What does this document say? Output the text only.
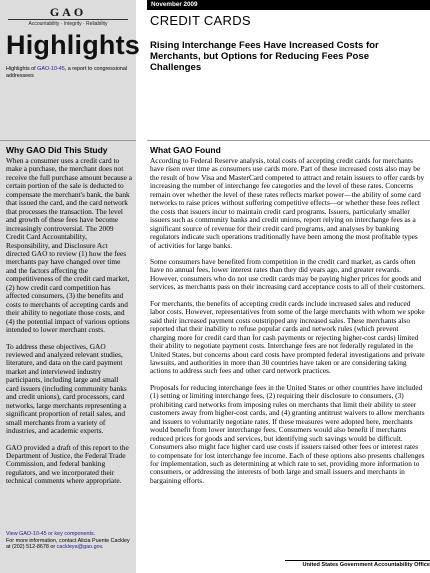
GAO
Accountability · Integrity · Reliability
Highlights
Highlights of GAO-10-45, a report to congressional addressees
Why GAO Did This Study

When a consumer uses a credit card to make a purchase, the merchant does not receive the full purchase amount because a certain portion of the sale is deducted to compensate the merchant's bank, the bank that issued the card, and the card network that processes the transaction. The level and growth of these fees have become increasingly controversial. The 2009 Credit Card Accountability, Responsibility, and Disclosure Act directed GAO to review (1) how the fees merchants pay have changed over time and the factors affecting the competitiveness of the credit card market, (2) how credit card competition has affected consumers, (3) the benefits and costs to merchants of accepting cards and their ability to negotiate those costs, and (4) the potential impact of various options intended to lower merchant costs.

To address these objectives, GAO reviewed and analyzed relevant studies, literature, and data on the card payment market and interviewed industry participants, including large and small card issuers (including community banks and credit unions), card processors, card networks, large merchants representing a significant proportion of retail sales, and small merchants from a variety of industries, and academic experts.

GAO provided a draft of this report to the Department of Justice, the Federal Trade Commission, and federal banking regulators, and we incorporated their technical comments where appropriate.

View GAO-10-45 or key components.
For more information, contact Alicia Puente Cackley at (202) 512-8678 or cackleya@gao.gov.
November 2009
CREDIT CARDS
Rising Interchange Fees Have Increased Costs for Merchants, but Options for Reducing Fees Pose Challenges
What GAO Found

According to Federal Reserve analysis, total costs of accepting credit cards for merchants have risen over time as consumers use cards more. Part of these increased costs also may be the result of how Visa and MasterCard competed to attract and retain issuers to offer cards by increasing the number of interchange fee categories and the level of these rates. Concerns remain over whether the level of these rates reflects market power—the ability of some card networks to raise prices without suffering competitive effects—or whether these fees reflect the costs that issuers incur to maintain credit card programs. Issuers, particularly smaller issuers such as community banks and credit unions, report relying on interchange fees as a significant source of revenue for their credit card programs, and analyses by banking regulators indicate such operations traditionally have been among the most profitable types of activities for large banks.

Some consumers have benefited from competition in the credit card market, as cards often have no annual fees, lower interest rates than they did years ago, and greater rewards. However, consumers who do not use credit cards may be paying higher prices for goods and services, as merchants pass on their increasing card acceptance costs to all of their customers.

For merchants, the benefits of accepting credit cards include increased sales and reduced labor costs. However, representatives from some of the large merchants with whom we spoke said their increased payment costs outstripped any increased sales. These merchants also reported that their inability to refuse popular cards and network rules (which prevent charging more for credit card than for cash payments or rejecting higher-cost cards) limited their ability to negotiate payment costs. Interchange fees are not federally regulated in the United States, but concerns about card costs have prompted federal investigations and private lawsuits, and authorities in more than 30 countries have taken or are considering taking actions to address such fees and other card network practices.

Proposals for reducing interchange fees in the United States or other countries have included (1) setting or limiting interchange fees, (2) requiring their disclosure to consumers, (3) prohibiting card networks from imposing rules on merchants that limit their ability to steer customers away from higher-cost cards, and (4) granting antitrust waivers to allow merchants and issuers to voluntarily negotiate rates. If these measures were adopted here, merchants would benefit from lower interchange fees. Consumers would also benefit if merchants reduced prices for goods and services, but identifying such savings would be difficult. Consumers also might face higher card use costs if issuers raised other fees or interest rates to compensate for lost interchange fee income. Each of these options also presents challenges for implementation, such as determining at which rate to set, providing more information to consumers, or addressing the interests of both large and small issuers and merchants in bargaining efforts.

United States Government Accountability Office
